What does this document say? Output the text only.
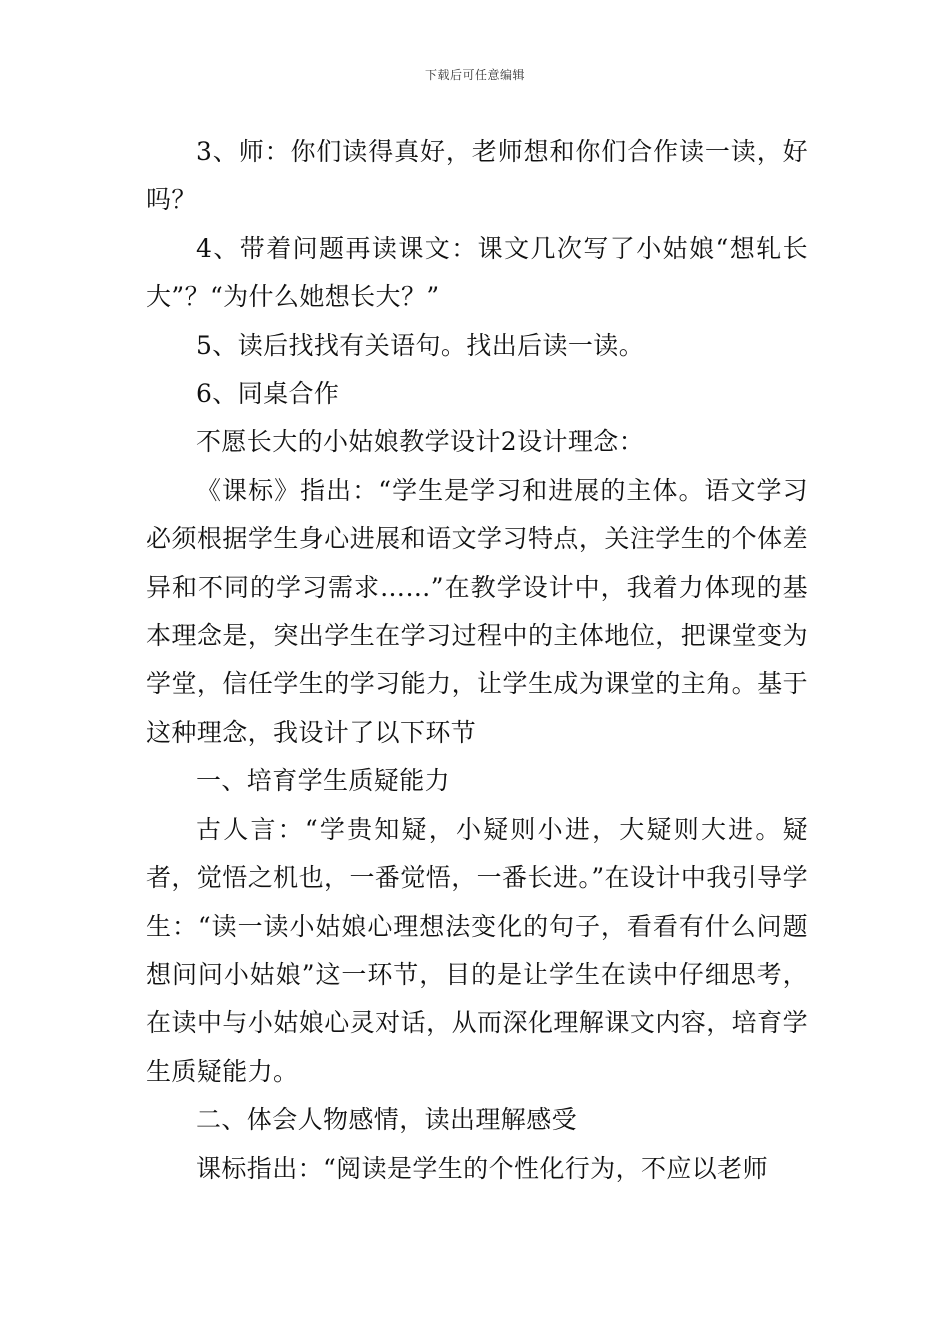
下载后可任意编辑

3、师：你们读得真好，老师想和你们合作读一读，好吗？

4、带着问题再读课文：课文几次写了小姑娘“想轧长大”？“为什么她想长大？”

5、读后找找有关语句。找出后读一读。

6、同桌合作

不愿长大的小姑娘教学设计2设计理念：

《课标》指出：“学生是学习和进展的主体。语文学习必须根据学生身心进展和语文学习特点，关注学生的个体差异和不同的学习需求……”在教学设计中，我着力体现的基本理念是，突出学生在学习过程中的主体地位，把课堂变为学堂，信任学生的学习能力，让学生成为课堂的主角。基于这种理念，我设计了以下环节

一、培育学生质疑能力

古人言：“学贵知疑，小疑则小进，大疑则大进。疑者，觉悟之机也，一番觉悟，一番长进。”在设计中我引导学生：“读一读小姑娘心理想法变化的句子，看看有什么问题想问问小姑娘”这一环节，目的是让学生在读中仔细思考，在读中与小姑娘心灵对话，从而深化理解课文内容，培育学生质疑能力。

二、体会人物感情，读出理解感受

课标指出：“阅读是学生的个性化行为，不应以老师
